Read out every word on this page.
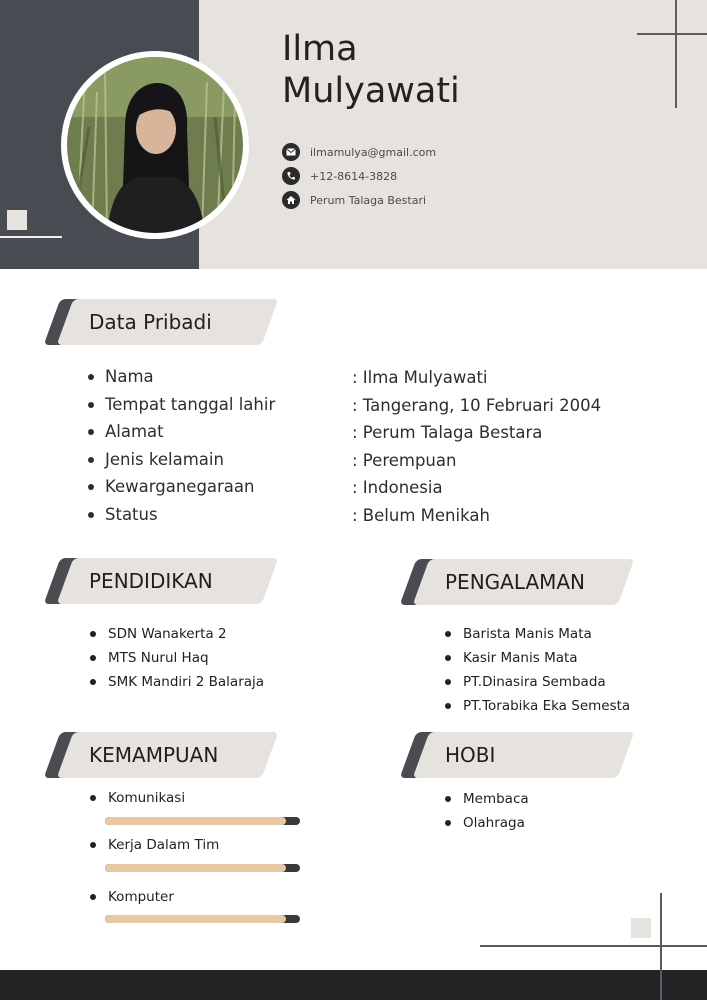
Ilma
Mulyawati
ilmamulya@gmail.com
+12-8614-3828
Perum Talaga Bestari
Data Pribadi
Nama
Tempat tanggal lahir
Alamat
Jenis kelamain
Kewarganegaraan
Status
: Ilma Mulyawati
: Tangerang, 10 Februari 2004
: Perum Talaga Bestara
: Perempuan
: Indonesia
: Belum Menikah
PENDIDIKAN
SDN Wanakerta 2
MTS Nurul Haq
SMK Mandiri 2 Balaraja
PENGALAMAN
Barista Manis Mata
Kasir Manis Mata
PT.Dinasira Sembada
PT.Torabika Eka Semesta
KEMAMPUAN
Komunikasi
Kerja Dalam Tim
Komputer
HOBI
Membaca
Olahraga
